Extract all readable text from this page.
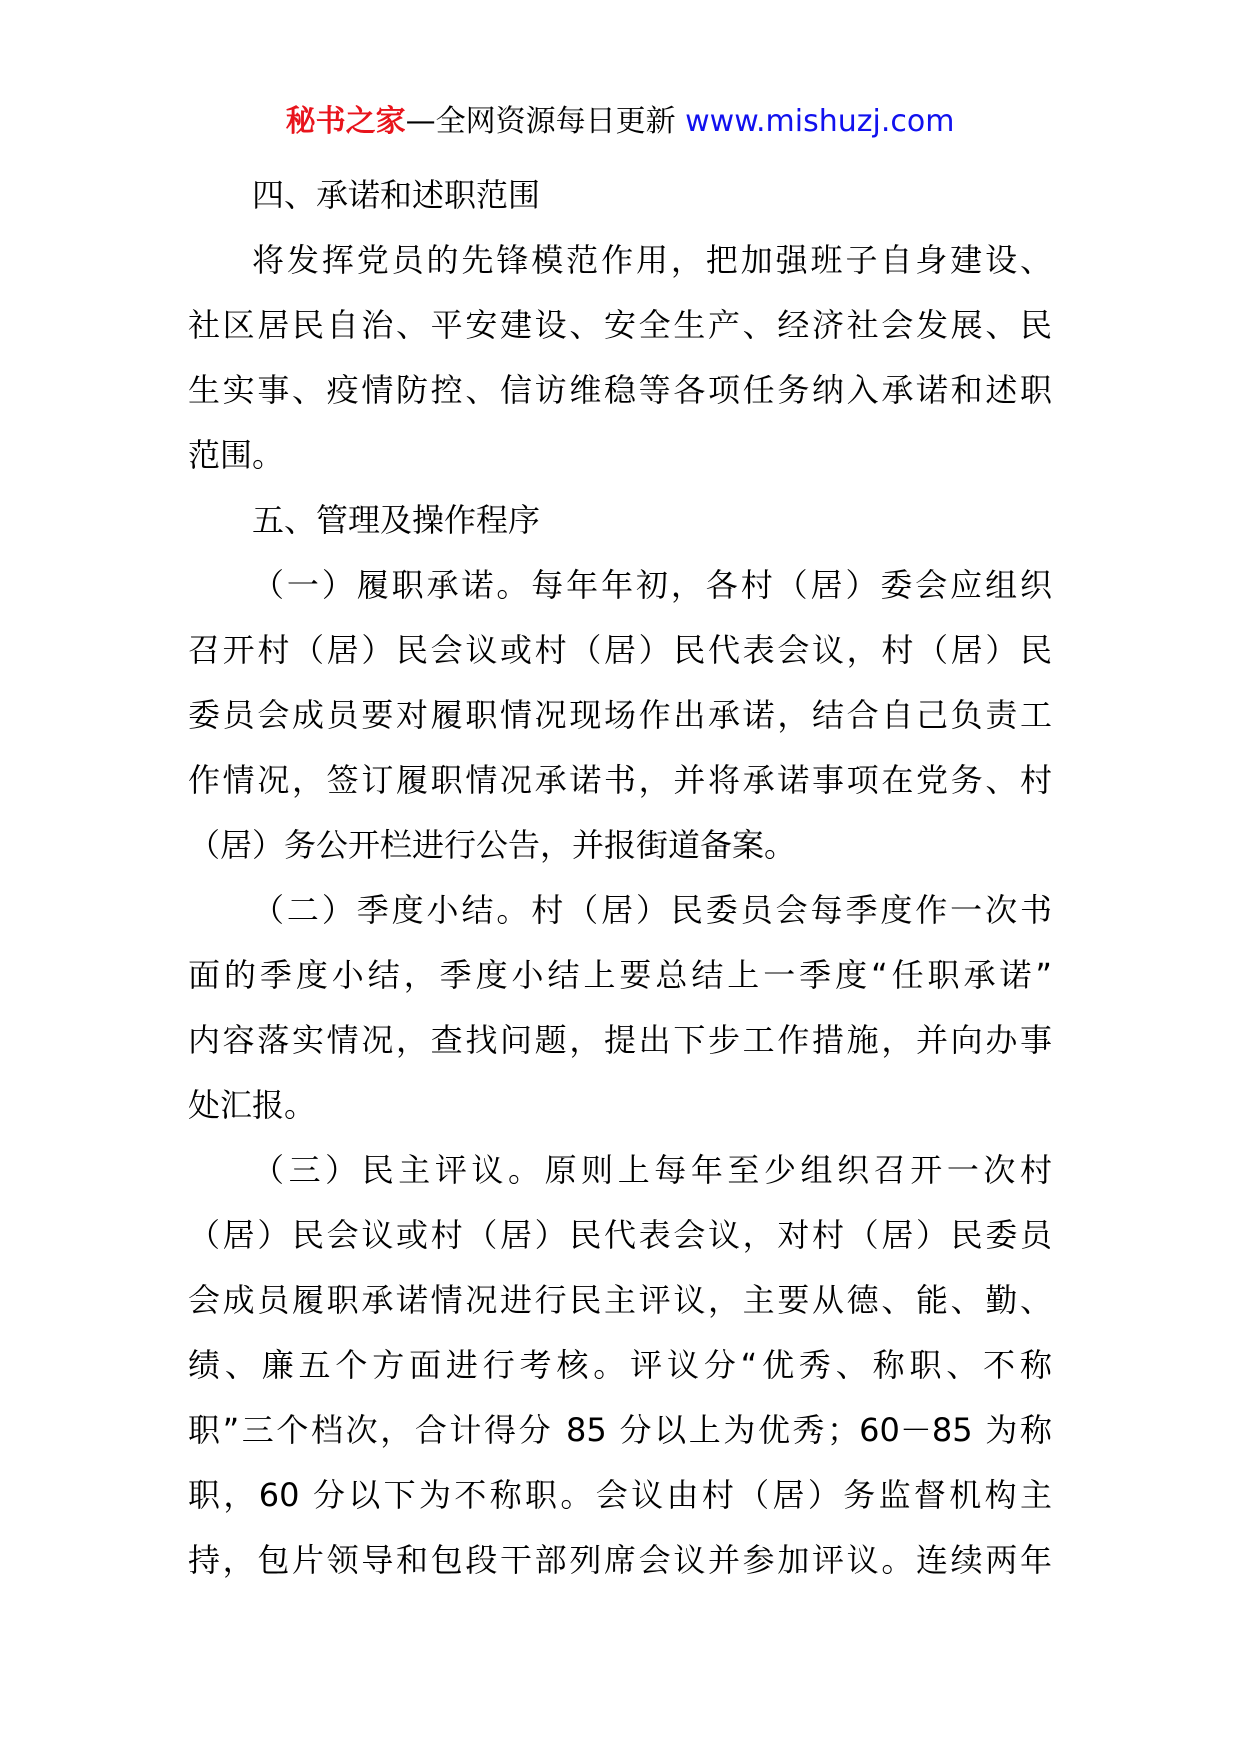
秘书之家—全网资源每日更新 www.mishuzj.com
四、承诺和述职范围
将发挥党员的先锋模范作用，把加强班子自身建设、
社区居民自治、平安建设、安全生产、经济社会发展、民
生实事、疫情防控、信访维稳等各项任务纳入承诺和述职
范围。
五、管理及操作程序
（一）履职承诺。每年年初，各村（居）委会应组织
召开村（居）民会议或村（居）民代表会议，村（居）民
委员会成员要对履职情况现场作出承诺，结合自己负责工
作情况，签订履职情况承诺书，并将承诺事项在党务、村
（居）务公开栏进行公告，并报街道备案。
（二）季度小结。村（居）民委员会每季度作一次书
面的季度小结，季度小结上要总结上一季度“任职承诺”
内容落实情况，查找问题，提出下步工作措施，并向办事
处汇报。
（三）民主评议。原则上每年至少组织召开一次村
（居）民会议或村（居）民代表会议，对村（居）民委员
会成员履职承诺情况进行民主评议，主要从德、能、勤、
绩、廉五个方面进行考核。评议分“优秀、称职、不称
职”三个档次，合计得分 85 分以上为优秀；60－85 为称
职，60 分以下为不称职。会议由村（居）务监督机构主
持，包片领导和包段干部列席会议并参加评议。连续两年
